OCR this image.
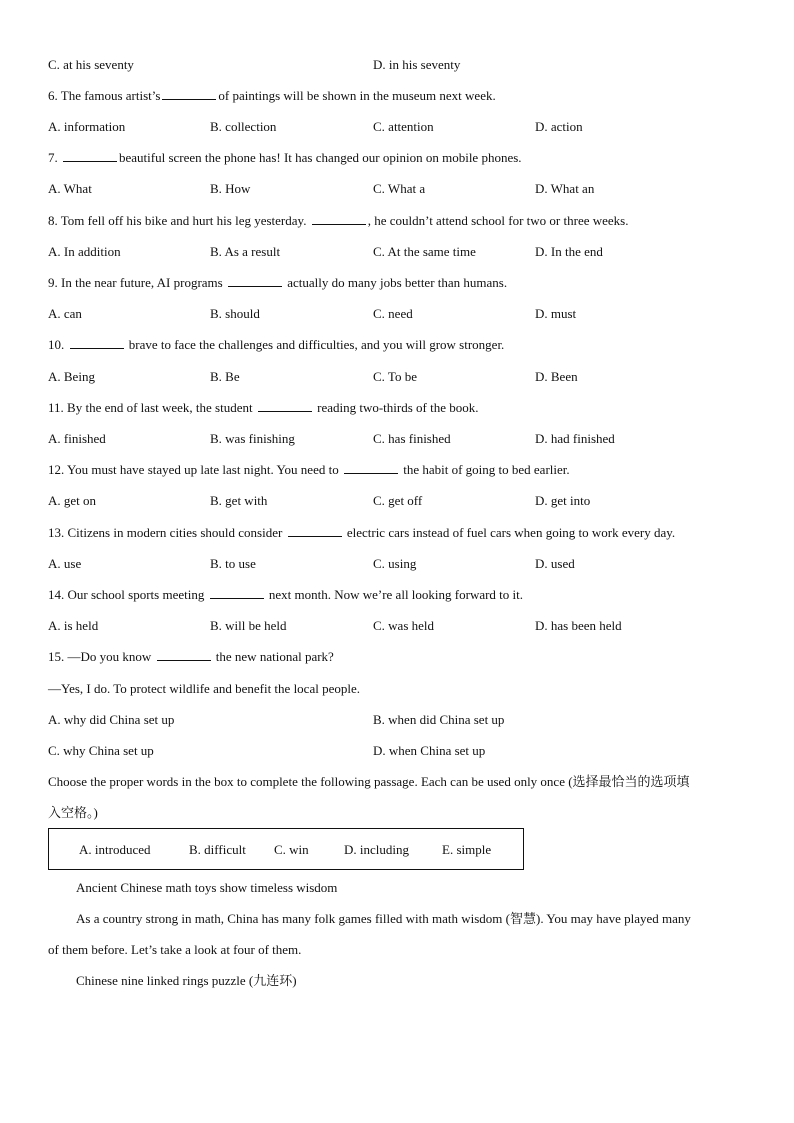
C. at his seventy	D. in his seventy
6. The famous artist’s	of paintings will be shown in the museum next week.
A. information	B. collection	C. attention	D. action
7.	beautiful screen the phone has! It has changed our opinion on mobile phones.
A. What	B. How	C. What a	D. What an
8. Tom fell off his bike and hurt his leg yesterday.	, he couldn’t attend school for two or three weeks.
A. In addition	B. As a result	C. At the same time	D. In the end
9. In the near future, AI programs	actually do many jobs better than humans.
A. can	B. should	C. need	D. must
10.	brave to face the challenges and difficulties, and you will grow stronger.
A. Being	B. Be	C. To be	D. Been
11. By the end of last week, the student	reading two-thirds of the book.
A. finished	B. was finishing	C. has finished	D. had finished
12. You must have stayed up late last night. You need to	the habit of going to bed earlier.
A. get on	B. get with	C. get off	D. get into
13. Citizens in modern cities should consider	electric cars instead of fuel cars when going to work every day.
A. use	B. to use	C. using	D. used
14. Our school sports meeting	next month. Now we’re all looking forward to it.
A. is held	B. will be held	C. was held	D. has been held
15. —Do you know	the new national park?
—Yes, I do. To protect wildlife and benefit the local people.
A. why did China set up	B. when did China set up
C. why China set up	D. when China set up
Choose the proper words in the box to complete the following passage. Each can be used only once (选择最恰当的选项填
入空格。)
A. introduced	B. difficult C. win	D. including	E. simple
Ancient Chinese math toys show timeless wisdom
As a country strong in math, China has many folk games filled with math wisdom (智慧). You may have played many
of them before. Let’s take a look at four of them.
Chinese nine linked rings puzzle (九连环)
